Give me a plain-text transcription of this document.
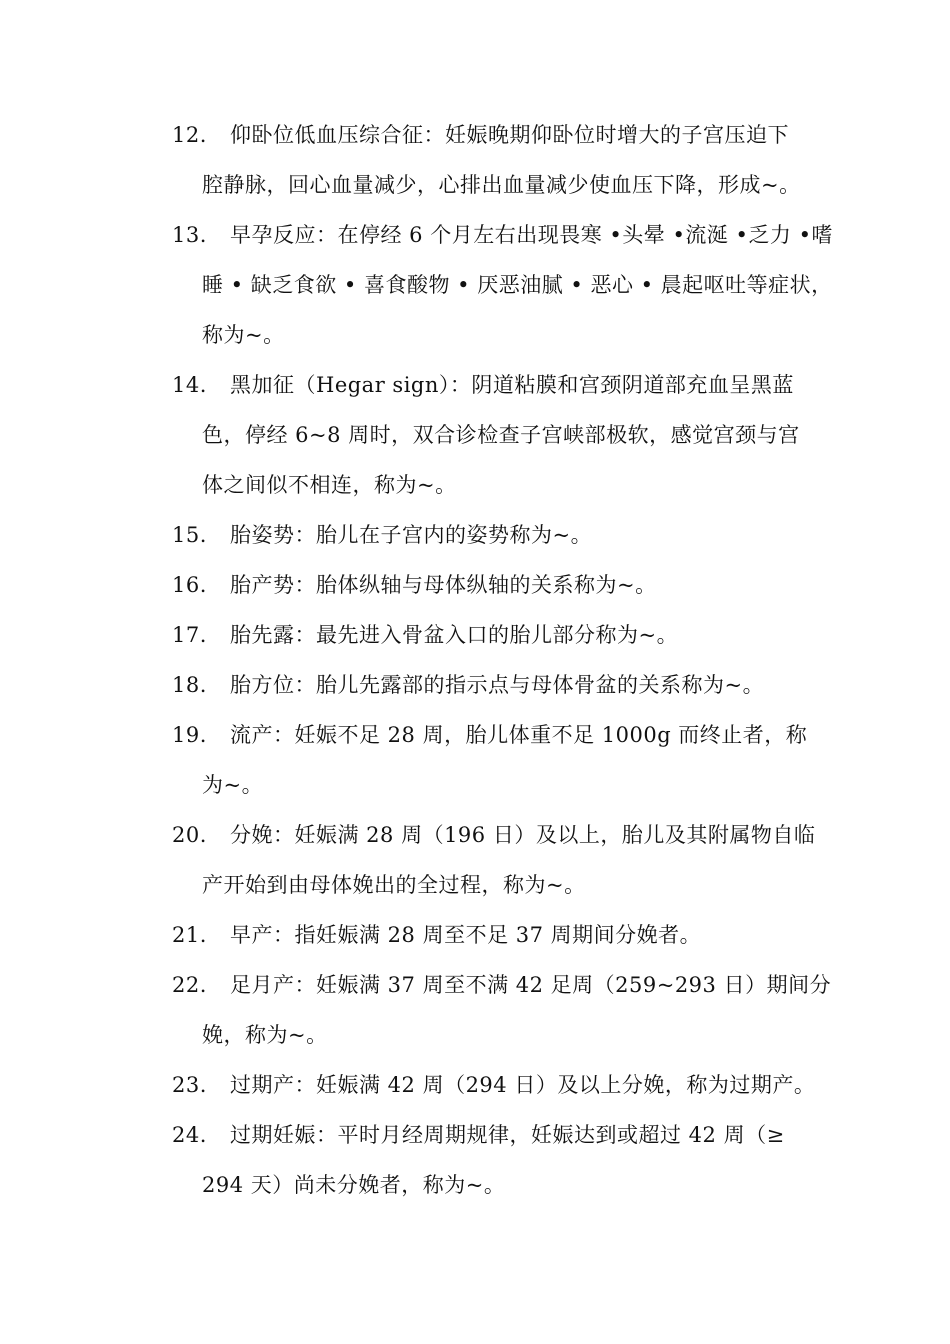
12. 仰卧位低血压综合征：妊娠晚期仰卧位时增大的子宫压迫下
腔静脉，回心血量减少，心排出血量减少使血压下降，形成~。
13. 早孕反应：在停经 6 个月左右出现畏寒 •头晕 •流涎 •乏力 •嗜
睡 • 缺乏食欲 • 喜食酸物 • 厌恶油腻 • 恶心 • 晨起呕吐等症状，
称为~。
14. 黑加征（Hegar sign）：阴道粘膜和宫颈阴道部充血呈黑蓝
色，停经 6~8 周时，双合诊检查子宫峡部极软，感觉宫颈与宫
体之间似不相连，称为~。
15. 胎姿势：胎儿在子宫内的姿势称为~。
16. 胎产势：胎体纵轴与母体纵轴的关系称为~。
17. 胎先露：最先进入骨盆入口的胎儿部分称为~。
18. 胎方位：胎儿先露部的指示点与母体骨盆的关系称为~。
19. 流产：妊娠不足 28 周，胎儿体重不足 1000g 而终止者，称
为~。
20. 分娩：妊娠满 28 周（196 日）及以上，胎儿及其附属物自临
产开始到由母体娩出的全过程，称为~。
21. 早产：指妊娠满 28 周至不足 37 周期间分娩者。
22. 足月产：妊娠满 37 周至不满 42 足周（259~293 日）期间分
娩，称为~。
23. 过期产：妊娠满 42 周（294 日）及以上分娩，称为过期产。
24. 过期妊娠：平时月经周期规律，妊娠达到或超过 42 周（≥
294 天）尚未分娩者，称为~。
